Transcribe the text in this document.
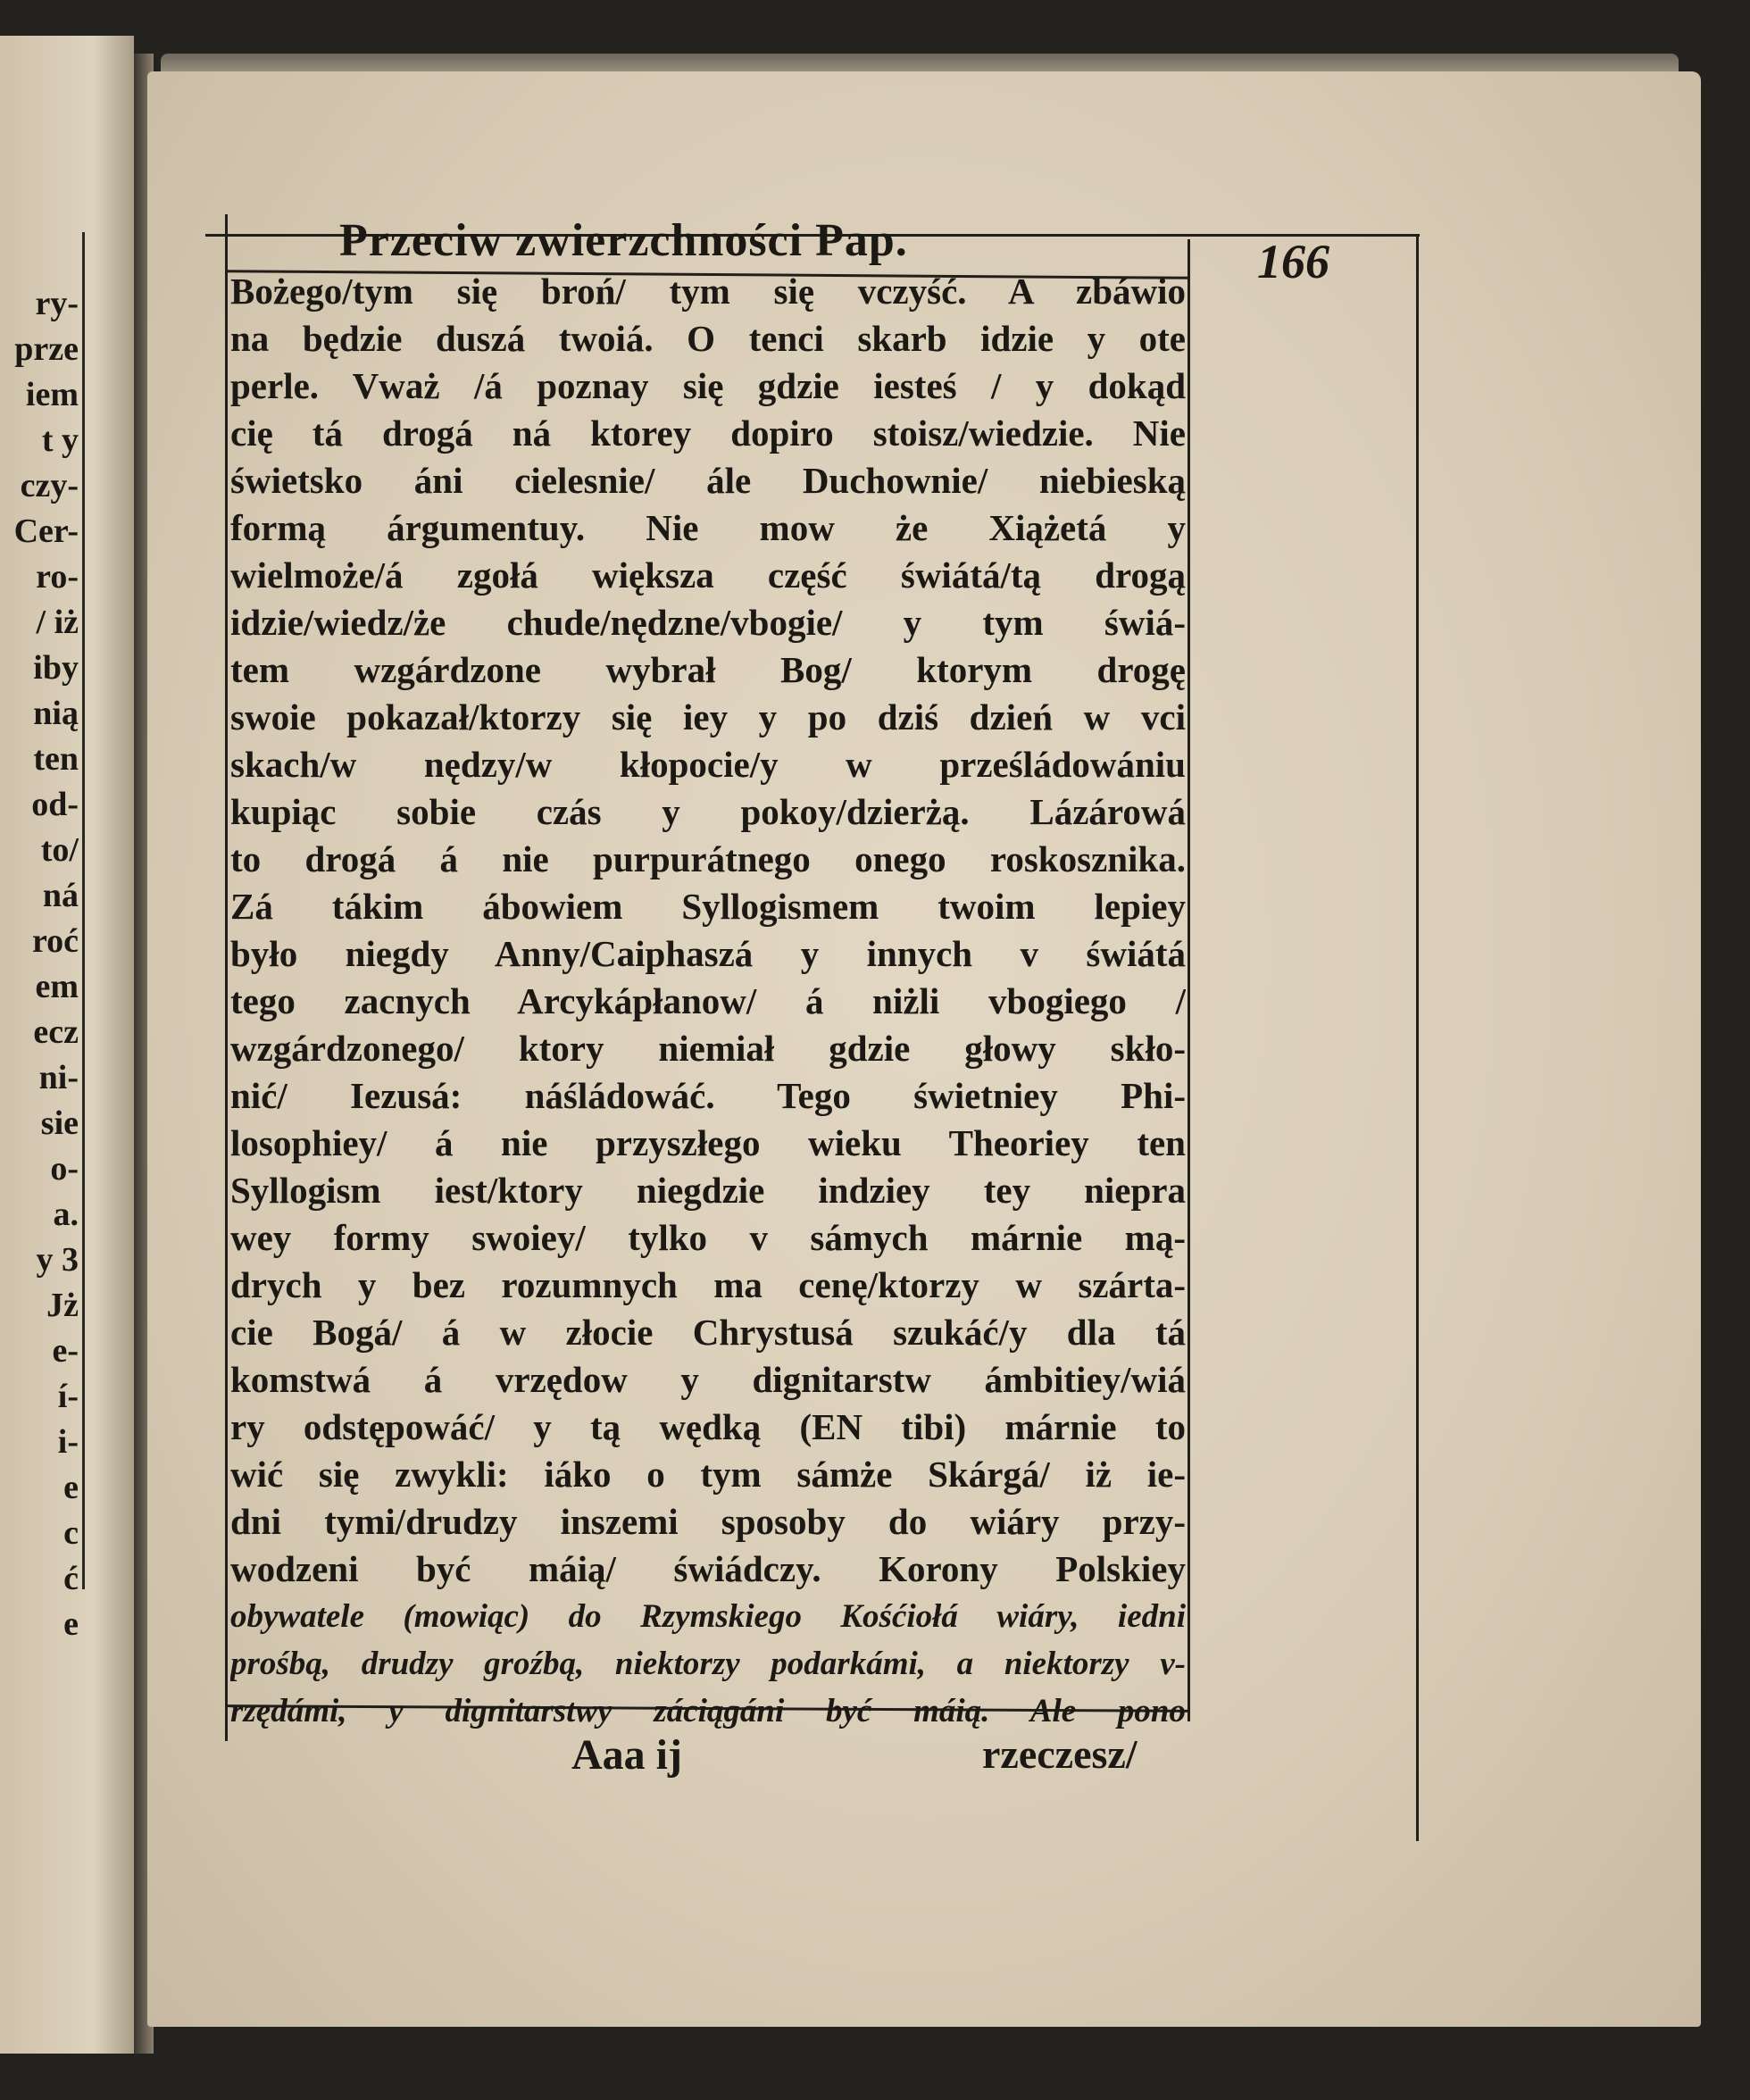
ry-
prze
iem
t y
czy-
Cer-
ro-
/ iż
iby
nią
ten
od-
to/
ná
roć
em
ecz
ni-
sie
o-
a.
y 3
Jż
e-
í-
i-
e
c
ć
e
Przeciw zwierzchności Pap.	166
Bożego/tym się broń/ tym się vczyść. A zbáwio
na będzie duszá twoiá. O tenci skarb idzie y ote
perle. Vważ /á poznay się gdzie iesteś / y dokąd
cię tá drogá ná ktorey dopiro stoisz/wiedzie. Nie
świetsko áni cielesnie/ ále Duchownie/ niebieską
formą árgumentuy. Nie mow że Xiążetá y
wielmoże/á zgołá większa część świátá/tą drogą
idzie/wiedz/że chude/nędzne/vbogie/ y tym świá-
tem wzgárdzone wybrał Bog/ ktorym drogę
swoie pokazał/ktorzy się iey y po dziś dzień w vci
skach/w nędzy/w kłopocie/y w prześládowániu
kupiąc sobie czás y pokoy/dzierżą. Lázárowá
to drogá á nie purpurátnego onego roskosznika.
Zá tákim ábowiem Syllogismem twoim lepiey
było niegdy Anny/Caiphaszá y innych v świátá
tego zacnych Arcykápłanow/ á niżli vbogiego /
wzgárdzonego/ ktory niemiał gdzie głowy skło-
nić/ Iezusá: náśládowáć. Tego świetniey Phi-
losophiey/ á nie przyszłego wieku Theoriey ten
Syllogism iest/ktory niegdzie indziey tey niepra
wey formy swoiey/ tylko v sámych márnie mą-
drych y bez rozumnych ma cenę/ktorzy w szárta-
cie Bogá/ á w złocie Chrystusá szukáć/y dla tá
komstwá á vrzędow y dignitarstw ámbitiey/wiá
ry odstępowáć/ y tą wędką (EN tibi) márnie to
wić się zwykli: iáko o tym sámże Skárgá/ iż ie-
dni tymi/drudzy inszemi sposoby do wiáry przy-
wodzeni być máią/ świádczy. Korony Polskiey
obywatele (mowiąc) do Rzymskiego Kośćiołá wiáry, iedni
prośbą, drudzy groźbą, niektorzy podarkámi, a niektorzy v-
rzędámi, y dignitarstwy záciągáni być máią. Ale pono
Aaa ij	rzeczesz/
